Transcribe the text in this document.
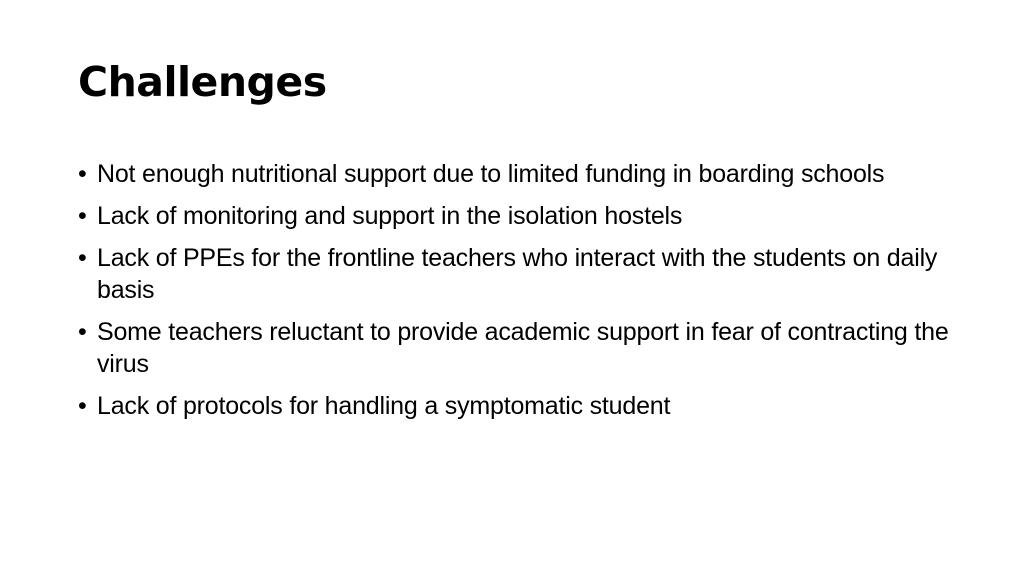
Challenges
• Not enough nutritional support due to limited funding in boarding schools
• Lack of monitoring and support in the isolation hostels
• Lack of PPEs for the frontline teachers who interact with the students on daily basis
• Some teachers reluctant to provide academic support in fear of contracting the virus
• Lack of protocols for handling a symptomatic student
